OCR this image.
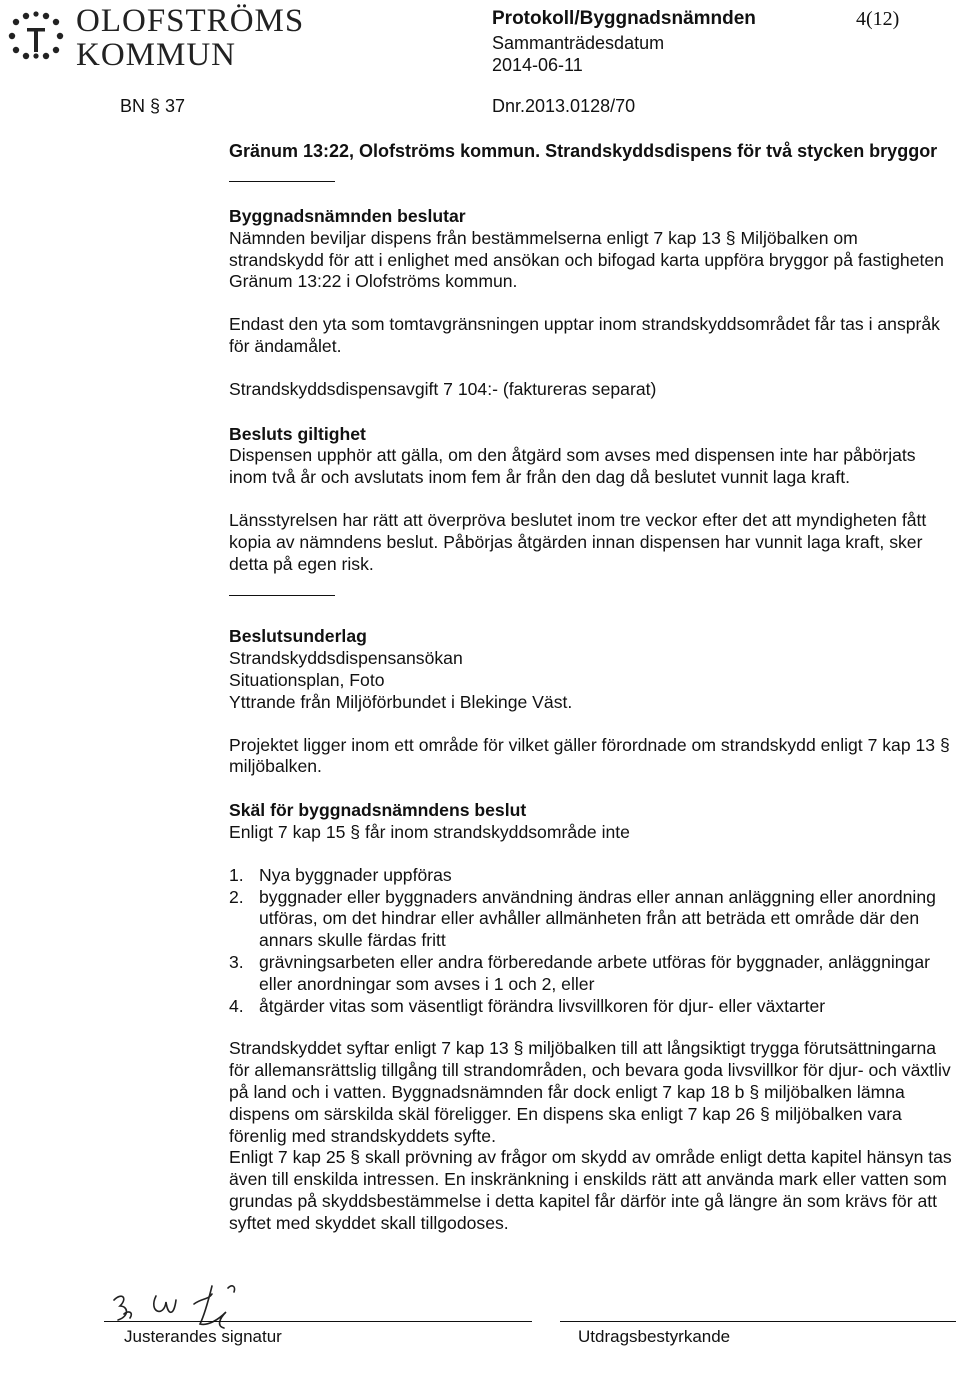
OLOFSTRÖMS
KOMMUN
Protokoll/Byggnadsnämnden
Sammanträdesdatum
2014-06-11
4(12)
BN § 37	Dnr.2013.0128/70

Gränum 13:22, Olofströms kommun. Strandskyddsdispens för två stycken bryggor

Byggnadsnämnden beslutar

Nämnden beviljar dispens från bestämmelserna enligt 7 kap 13 § Miljöbalken om strandskydd för att i enlighet med ansökan och bifogad karta uppföra bryggor på fastigheten Gränum 13:22 i Olofströms kommun.

Endast den yta som tomtavgränsningen upptar inom strandskyddsområdet får tas i anspråk för ändamålet.

Strandskyddsdispensavgift 7 104:- (faktureras separat)

Besluts giltighet

Dispensen upphör att gälla, om den åtgärd som avses med dispensen inte har påbörjats inom två år och avslutats inom fem år från den dag då beslutet vunnit laga kraft.

Länsstyrelsen har rätt att överpröva beslutet inom tre veckor efter det att myndigheten fått kopia av nämndens beslut. Påbörjas åtgärden innan dispensen har vunnit laga kraft, sker detta på egen risk.

Beslutsunderlag

Strandskyddsdispensansökan

Situationsplan, Foto

Yttrande från Miljöförbundet i Blekinge Väst.

Projektet ligger inom ett område för vilket gäller förordnade om strandskydd enligt 7 kap 13 § miljöbalken.

Skäl för byggnadsnämndens beslut

Enligt 7 kap 15 § får inom strandskyddsområde inte

1. Nya byggnader uppföras
2. byggnader eller byggnaders användning ändras eller annan anläggning eller anordning utföras, om det hindrar eller avhåller allmänheten från att beträda ett område där den annars skulle färdas fritt
3. grävningsarbeten eller andra förberedande arbete utföras för byggnader, anläggningar eller anordningar som avses i 1 och 2, eller
4. åtgärder vitas som väsentligt förändra livsvillkoren för djur- eller växtarter

Strandskyddet syftar enligt 7 kap 13 § miljöbalken till att långsiktigt trygga förutsättningarna för allemansrättslig tillgång till strandområden, och bevara goda livsvillkor för djur- och växtliv på land och i vatten. Byggnadsnämnden får dock enligt 7 kap 18 b § miljöbalken lämna dispens om särskilda skäl föreligger. En dispens ska enligt 7 kap 26 § miljöbalken vara förenlig med strandskyddets syfte.

Enligt 7 kap 25 § skall prövning av frågor om skydd av område enligt detta kapitel hänsyn tas även till enskilda intressen. En inskränkning i enskilds rätt att använda mark eller vatten som grundas på skyddsbestämmelse i detta kapitel får därför inte gå längre än som krävs för att syftet med skyddet skall tillgodoses.

Justerandes signatur	Utdragsbestyrkande
